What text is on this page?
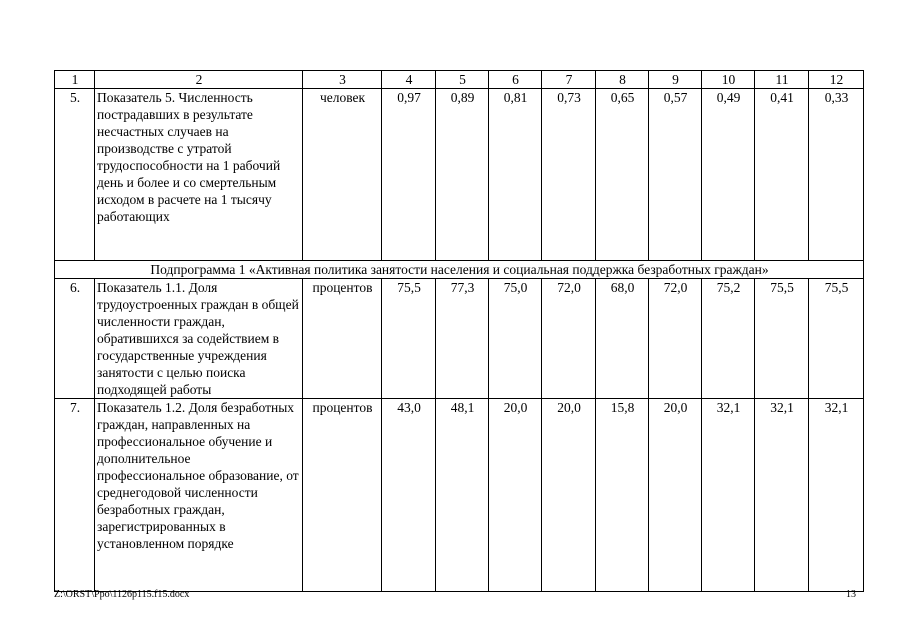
1	2	3	4	5	6	7	8	9	10	11	12
5.	Показатель 5. Численность пострадавших в результате несчастных случаев на производстве с утратой трудоспособности на 1 рабочий день и более и со смертельным исходом в расчете на 1 тысячу работающих	человек	0,97	0,89	0,81	0,73	0,65	0,57	0,49	0,41	0,33
Подпрограмма 1 «Активная политика занятости населения и социальная поддержка безработных граждан»											
6.	Показатель 1.1. Доля трудоустроенных граждан в общей численности граждан, обратившихся за содействием в государственные учреждения занятости с целью поиска подходящей работы	процентов	75,5	77,3	75,0	72,0	68,0	72,0	75,2	75,5	75,5
7.	Показатель 1.2. Доля безработных граждан, направленных на профессиональное обучение и дополнительное профессиональное образование, от среднегодовой численности безработных граждан, зарегистрированных в установленном порядке	процентов	43,0	48,1	20,0	20,0	15,8	20,0	32,1	32,1	32,1
Z:\ORST\Ppo\1126p115.f15.docx	13
